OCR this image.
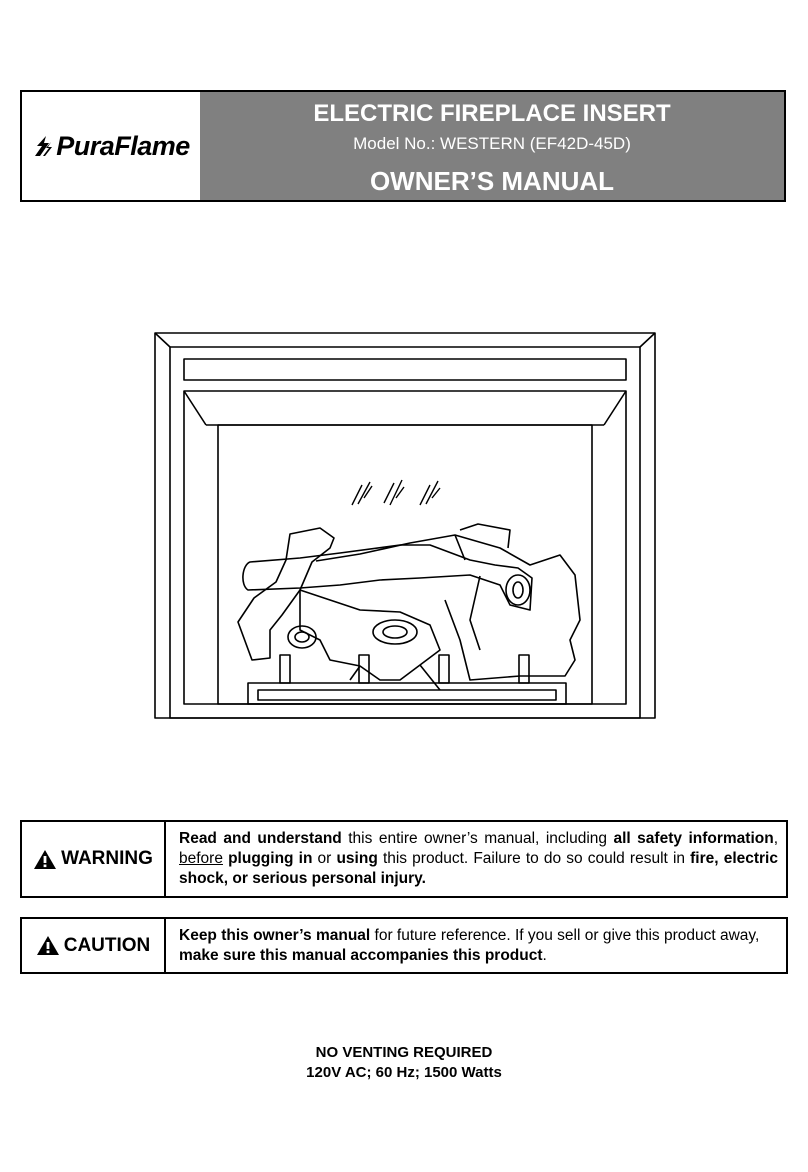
PuraFlame
ELECTRIC FIREPLACE INSERT
Model No.: WESTERN (EF42D-45D)
OWNER’S MANUAL
WARNING
Read and understand this entire owner’s manual, including all safety information, before plugging in or using this product. Failure to do so could result in fire, electric shock, or serious personal injury.
CAUTION	Keep this owner’s manual for future reference. If you sell or give this product away, make sure this manual accompanies this product.
NO VENTING REQUIRED
120V AC; 60 Hz; 1500 Watts
